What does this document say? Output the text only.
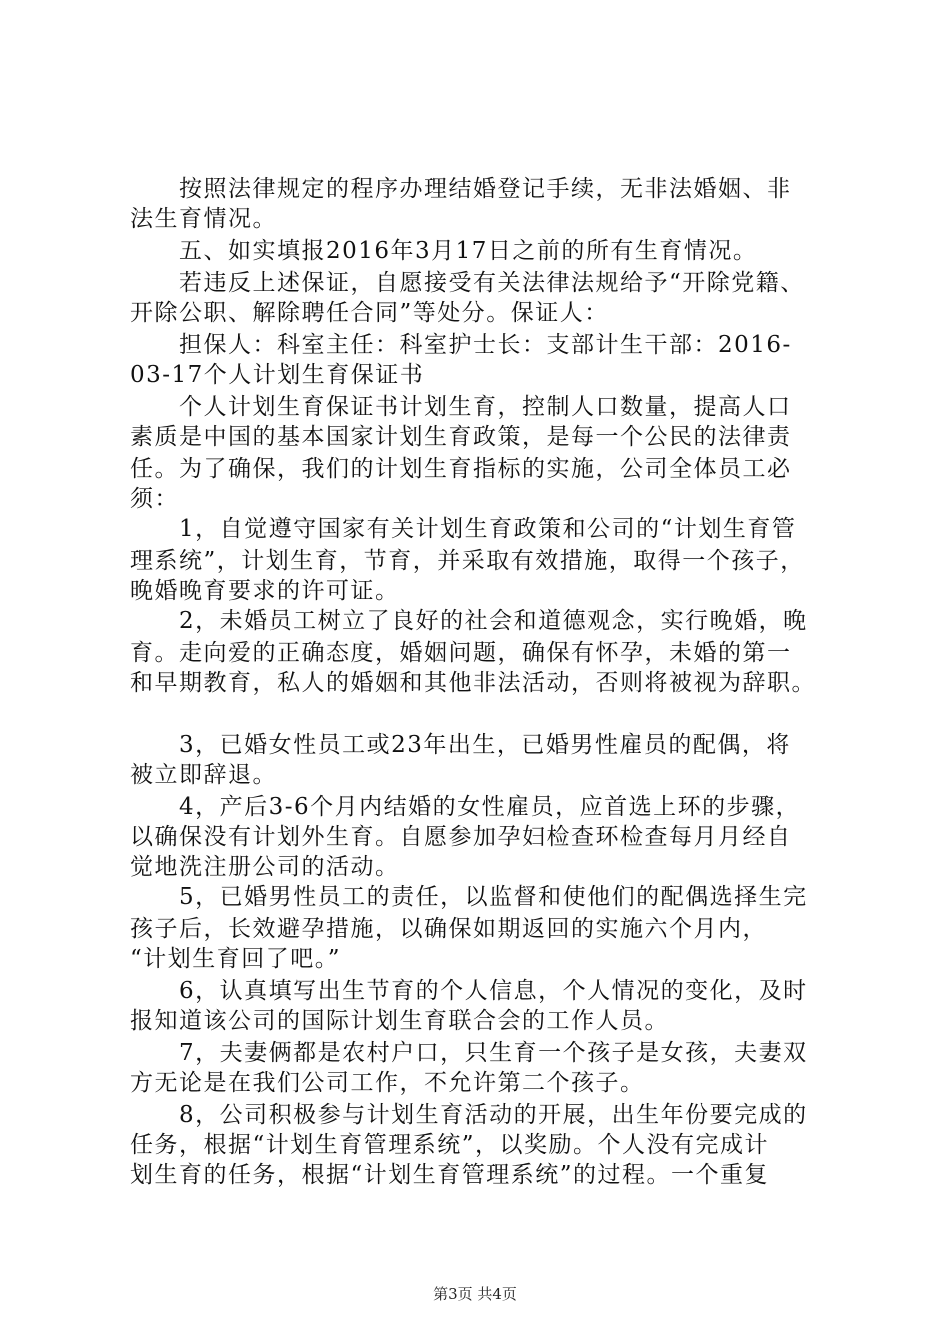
　　按照法律规定的程序办理结婚登记手续，无非法婚姻、非
法生育情况。
　　五、如实填报2016年3月17日之前的所有生育情况。
　　若违反上述保证，自愿接受有关法律法规给予“开除党籍、
开除公职、解除聘任合同”等处分。保证人：
　　担保人：科室主任：科室护士长：支部计生干部：2016-
03-17个人计划生育保证书
　　个人计划生育保证书计划生育，控制人口数量，提高人口
素质是中国的基本国家计划生育政策，是每一个公民的法律责
任。为了确保，我们的计划生育指标的实施，公司全体员工必
须：
　　1，自觉遵守国家有关计划生育政策和公司的“计划生育管
理系统”，计划生育，节育，并采取有效措施，取得一个孩子，
晚婚晚育要求的许可证。
　　2，未婚员工树立了良好的社会和道德观念，实行晚婚，晚
育。走向爱的正确态度，婚姻问题，确保有怀孕，未婚的第一
和早期教育，私人的婚姻和其他非法活动，否则将被视为辞职。
　　3，已婚女性员工或23年出生，已婚男性雇员的配偶，将
被立即辞退。
　　4，产后3-6个月内结婚的女性雇员，应首选上环的步骤，
以确保没有计划外生育。自愿参加孕妇检查环检查每月月经自
觉地洗注册公司的活动。
　　5，已婚男性员工的责任，以监督和使他们的配偶选择生完
孩子后，长效避孕措施，以确保如期返回的实施六个月内，
“计划生育回了吧。”
　　6，认真填写出生节育的个人信息，个人情况的变化，及时
报知道该公司的国际计划生育联合会的工作人员。
　　7，夫妻俩都是农村户口，只生育一个孩子是女孩，夫妻双
方无论是在我们公司工作，不允许第二个孩子。
　　8，公司积极参与计划生育活动的开展，出生年份要完成的
任务，根据“计划生育管理系统”，以奖励。个人没有完成计
划生育的任务，根据“计划生育管理系统”的过程。一个重复
第3页 共4页
